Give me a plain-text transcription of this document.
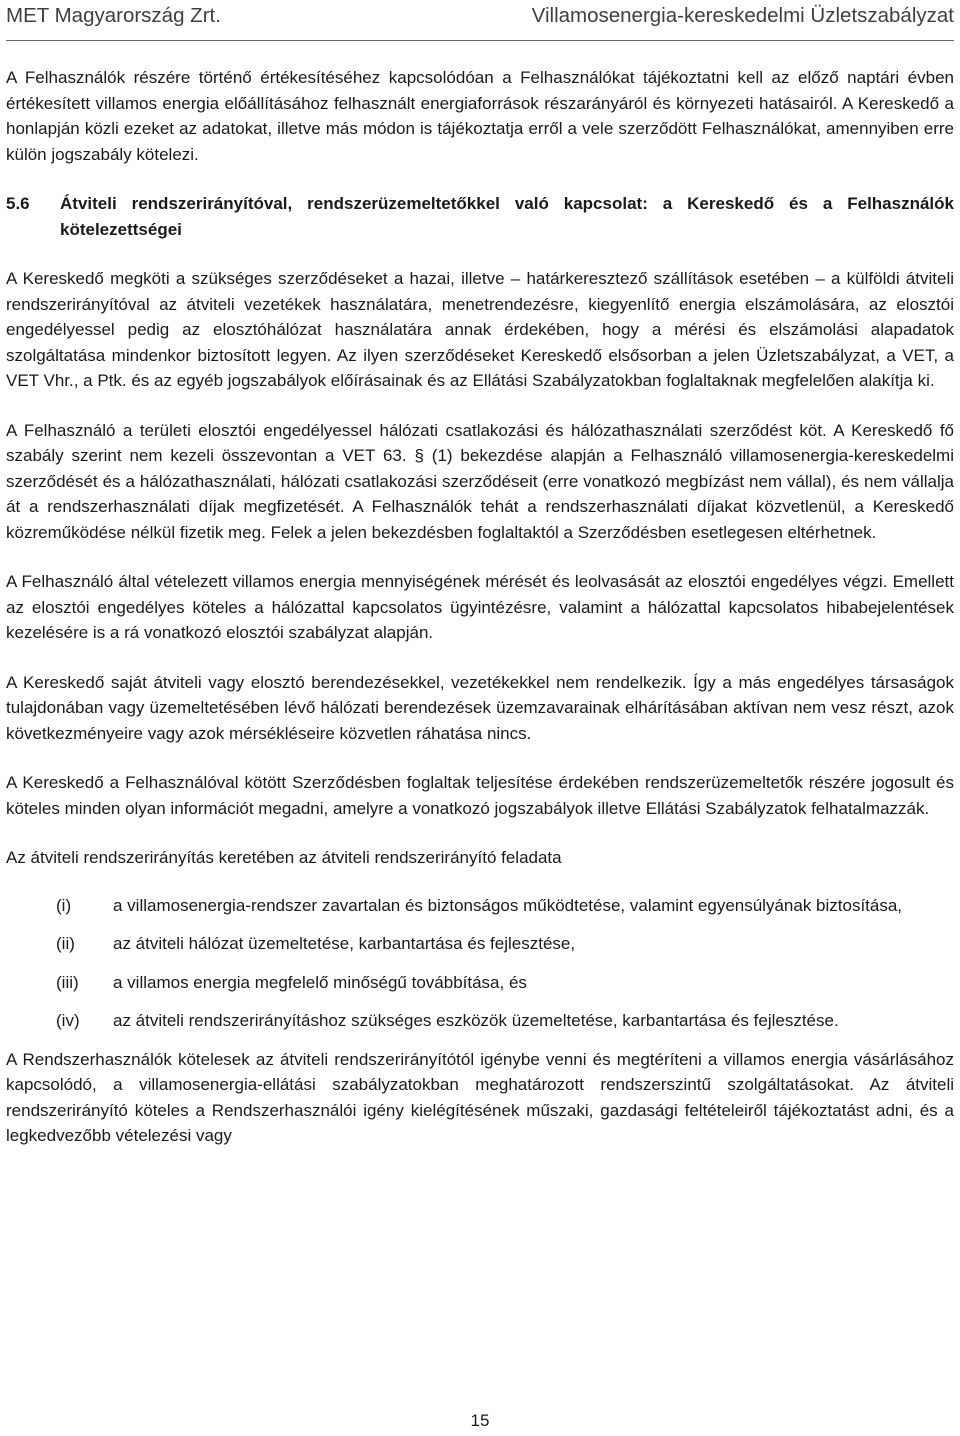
MET Magyarország Zrt.	Villamosenergia-kereskedelmi Üzletszabályzat

A Felhasználók részére történő értékesítéséhez kapcsolódóan a Felhasználókat tájékoztatni kell az előző naptári évben értékesített villamos energia előállításához felhasznált energiaforrások részarányáról és környezeti hatásairól. A Kereskedő a honlapján közli ezeket az adatokat, illetve más módon is tájékoztatja erről a vele szerződött Felhasználókat, amennyiben erre külön jogszabály kötelezi.

5.6	Átviteli rendszerirányítóval, rendszerüzemeltetőkkel való kapcsolat: a Kereskedő és a Felhasználók kötelezettségei

A Kereskedő megköti a szükséges szerződéseket a hazai, illetve – határkeresztező szállítások esetében – a külföldi átviteli rendszerirányítóval az átviteli vezetékek használatára, menetrendezésre, kiegyenlítő energia elszámolására, az elosztói engedélyessel pedig az elosztóhálózat használatára annak érdekében, hogy a mérési és elszámolási alapadatok szolgáltatása mindenkor biztosított legyen. Az ilyen szerződéseket Kereskedő elsősorban a jelen Üzletszabályzat, a VET, a VET Vhr., a Ptk. és az egyéb jogszabályok előírásainak és az Ellátási Szabályzatokban foglaltaknak megfelelően alakítja ki.

A Felhasználó a területi elosztói engedélyessel hálózati csatlakozási és hálózathasználati szerződést köt. A Kereskedő fő szabály szerint nem kezeli összevontan a VET 63. § (1) bekezdése alapján a Felhasználó villamosenergia-kereskedelmi szerződését és a hálózathasználati, hálózati csatlakozási szerződéseit (erre vonatkozó megbízást nem vállal), és nem vállalja át a rendszerhasználati díjak megfizetését. A Felhasználók tehát a rendszerhasználati díjakat közvetlenül, a Kereskedő közreműködése nélkül fizetik meg. Felek a jelen bekezdésben foglaltaktól a Szerződésben esetlegesen eltérhetnek.

A Felhasználó által vételezett villamos energia mennyiségének mérését és leolvasását az elosztói engedélyes végzi. Emellett az elosztói engedélyes köteles a hálózattal kapcsolatos ügyintézésre, valamint a hálózattal kapcsolatos hibabejelentések kezelésére is a rá vonatkozó elosztói szabályzat alapján.

A Kereskedő saját átviteli vagy elosztó berendezésekkel, vezetékekkel nem rendelkezik. Így a más engedélyes társaságok tulajdonában vagy üzemeltetésében lévő hálózati berendezések üzemzavarainak elhárításában aktívan nem vesz részt, azok következményeire vagy azok mérsékléseire közvetlen ráhatása nincs.

A Kereskedő a Felhasználóval kötött Szerződésben foglaltak teljesítése érdekében rendszerüzemeltetők részére jogosult és köteles minden olyan információt megadni, amelyre a vonatkozó jogszabályok illetve Ellátási Szabályzatok felhatalmazzák.

Az átviteli rendszerirányítás keretében az átviteli rendszerirányító feladata

(i)	a villamosenergia-rendszer zavartalan és biztonságos működtetése, valamint egyensúlyának biztosítása,
(ii)	az átviteli hálózat üzemeltetése, karbantartása és fejlesztése,
(iii)	a villamos energia megfelelő minőségű továbbítása, és
(iv)	az átviteli rendszerirányításhoz szükséges eszközök üzemeltetése, karbantartása és fejlesztése.

A Rendszerhasználók kötelesek az átviteli rendszerirányítótól igénybe venni és megtéríteni a villamos energia vásárlásához kapcsolódó, a villamosenergia-ellátási szabályzatokban meghatározott rendszerszintű szolgáltatásokat. Az átviteli rendszerirányító köteles a Rendszerhasználói igény kielégítésének műszaki, gazdasági feltételeiről tájékoztatást adni, és a legkedvezőbb vételezési vagy

15
